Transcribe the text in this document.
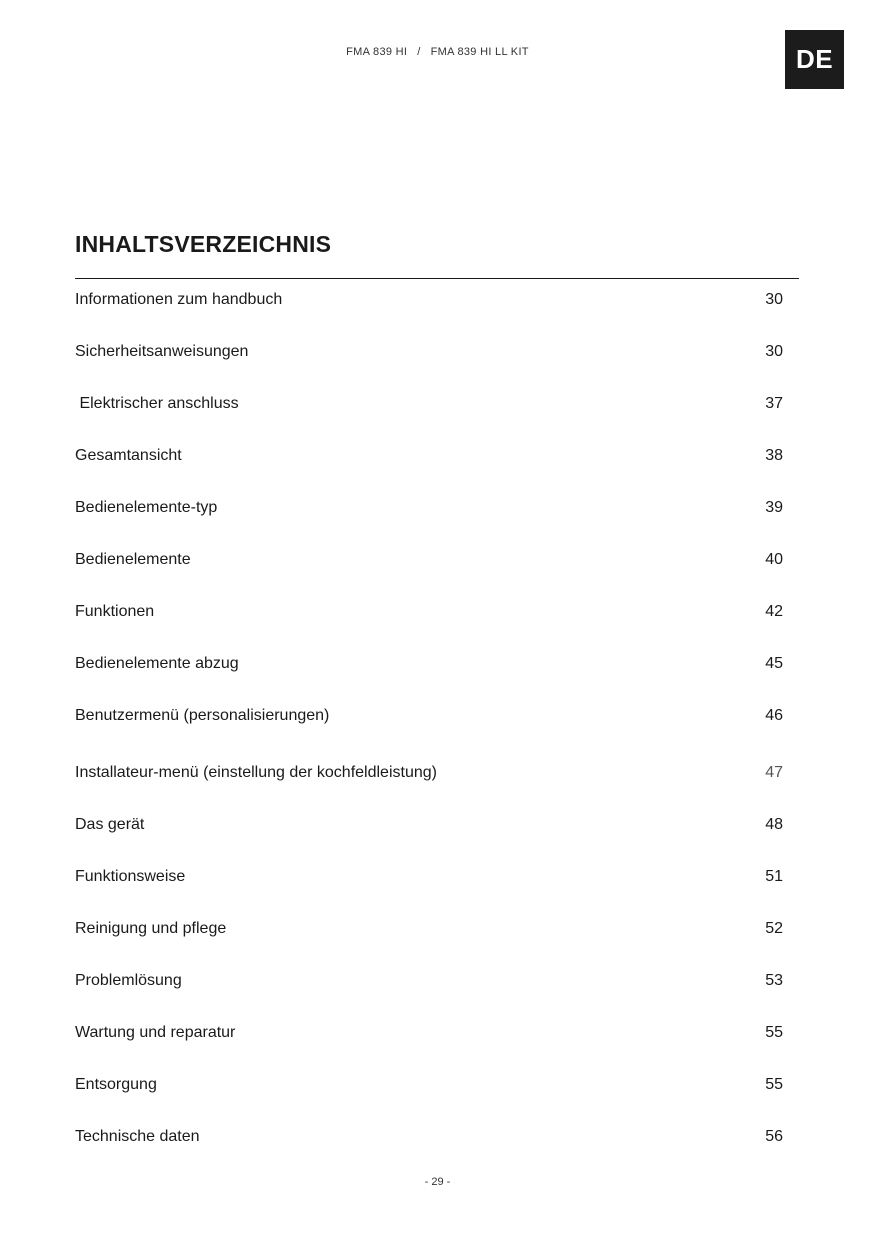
FMA 839 HI / FMA 839 HI LL KIT	DE
INHALTSVERZEICHNIS
Informationen zum handbuch	30
Sicherheitsanweisungen	30
Elektrischer anschluss	37
Gesamtansicht	38
Bedienelemente-typ	39
Bedienelemente	40
Funktionen	42
Bedienelemente abzug	45
Benutzermenü (personalisierungen)	46
Installateur-menü (einstellung der kochfeldleistung)	47
Das gerät	48
Funktionsweise	51
Reinigung und pflege	52
Problemlösung	53
Wartung und reparatur	55
Entsorgung	55
Technische daten	56
- 29 -
